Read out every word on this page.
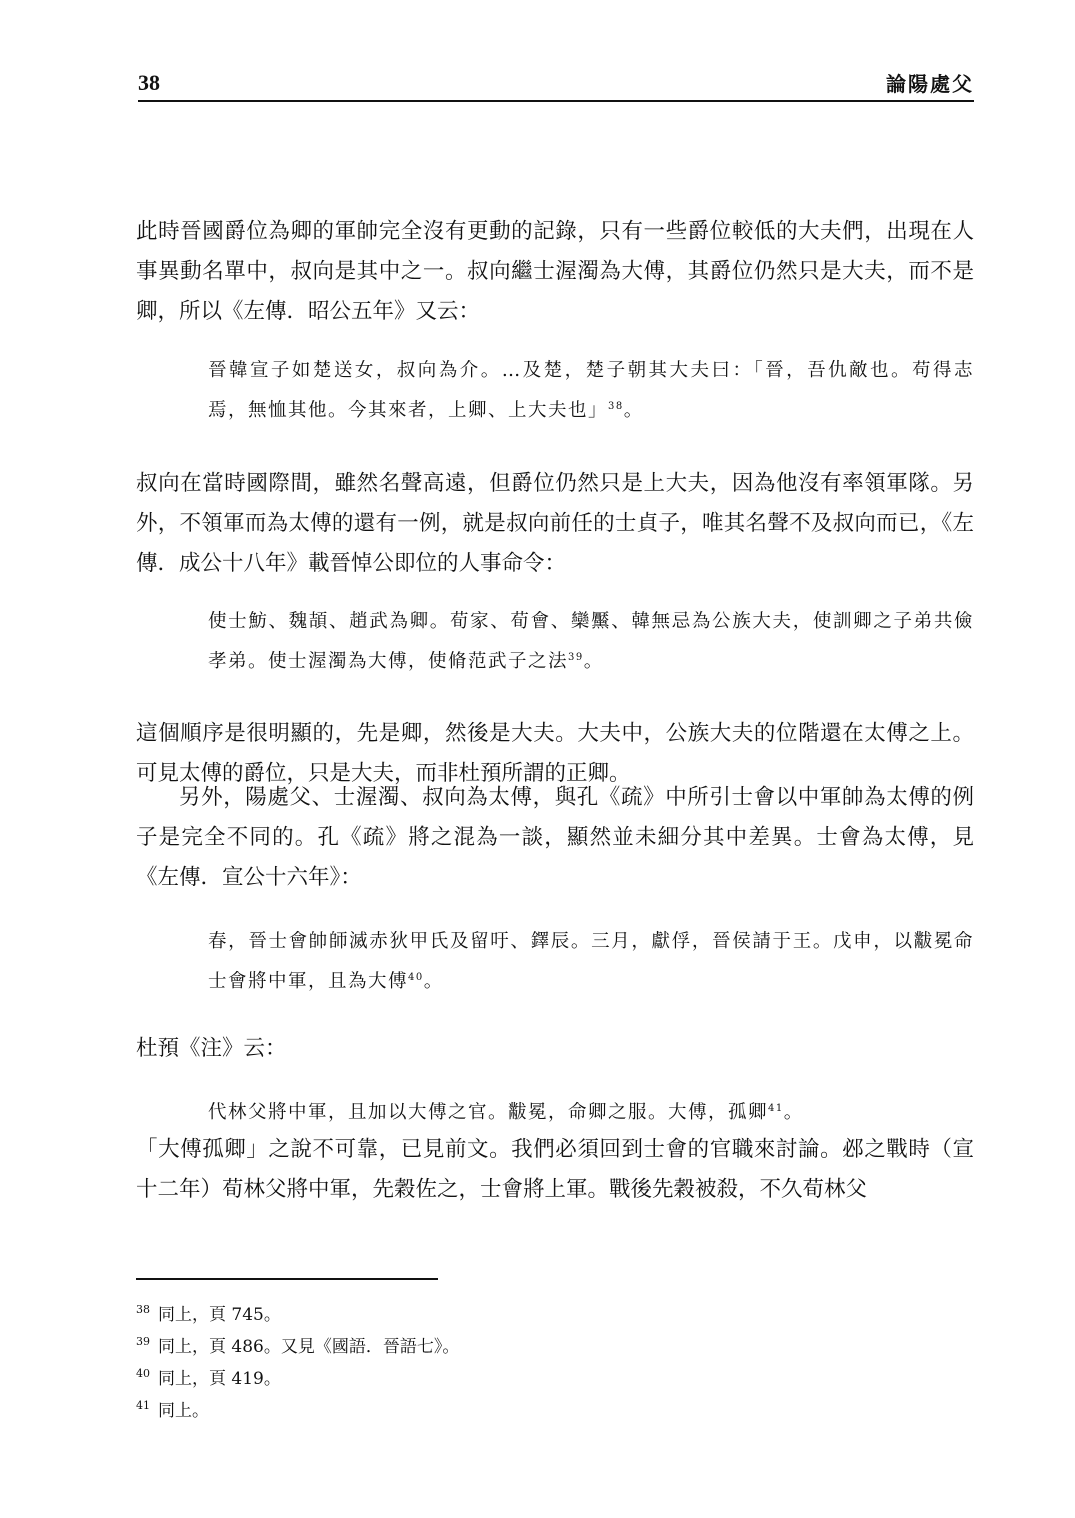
38	論陽處父

此時晉國爵位為卿的軍帥完全沒有更動的記錄，只有一些爵位較低的大夫們，出現在人事異動名單中，叔向是其中之一。叔向繼士渥濁為大傅，其爵位仍然只是大夫，而不是卿，所以《左傳．昭公五年》又云：

晉韓宣子如楚送女，叔向為介。…及楚，楚子朝其大夫曰：「晉，吾仇敵也。苟得志焉，無恤其他。今其來者，上卿、上大夫也」$^{38}$。

叔向在當時國際間，雖然名聲高遠，但爵位仍然只是上大夫，因為他沒有率領軍隊。另外，不領軍而為太傅的還有一例，就是叔向前任的士貞子，唯其名聲不及叔向而已，《左傳．成公十八年》載晉悼公即位的人事命令：

使士魴、魏頡、趙武為卿。荀家、荀會、欒黶、韓無忌為公族大夫，使訓卿之子弟共儉孝弟。使士渥濁為大傅，使脩范武子之法$^{39}$。

這個順序是很明顯的，先是卿，然後是大夫。大夫中，公族大夫的位階還在太傅之上。可見太傅的爵位，只是大夫，而非杜預所謂的正卿。

另外，陽處父、士渥濁、叔向為太傅，與孔《疏》中所引士會以中軍帥為太傅的例子是完全不同的。孔《疏》將之混為一談，顯然並未細分其中差異。士會為太傅，見《左傳．宣公十六年》：

春，晉士會帥師滅赤狄甲氏及留吁、鐸辰。三月，獻俘，晉侯請于王。戊申，以黻冕命士會將中軍，且為大傅$^{40}$。

杜預《注》云：

代林父將中軍，且加以大傅之官。黻冕，命卿之服。大傅，孤卿$^{41}$。

「大傅孤卿」之說不可靠，已見前文。我們必須回到士會的官職來討論。邲之戰時（宣十二年）荀林父將中軍，先穀佐之，士會將上軍。戰後先穀被殺，不久荀林父

38 同上，頁 745。
39 同上，頁 486。又見《國語．晉語七》。
40 同上，頁 419。
41 同上。
